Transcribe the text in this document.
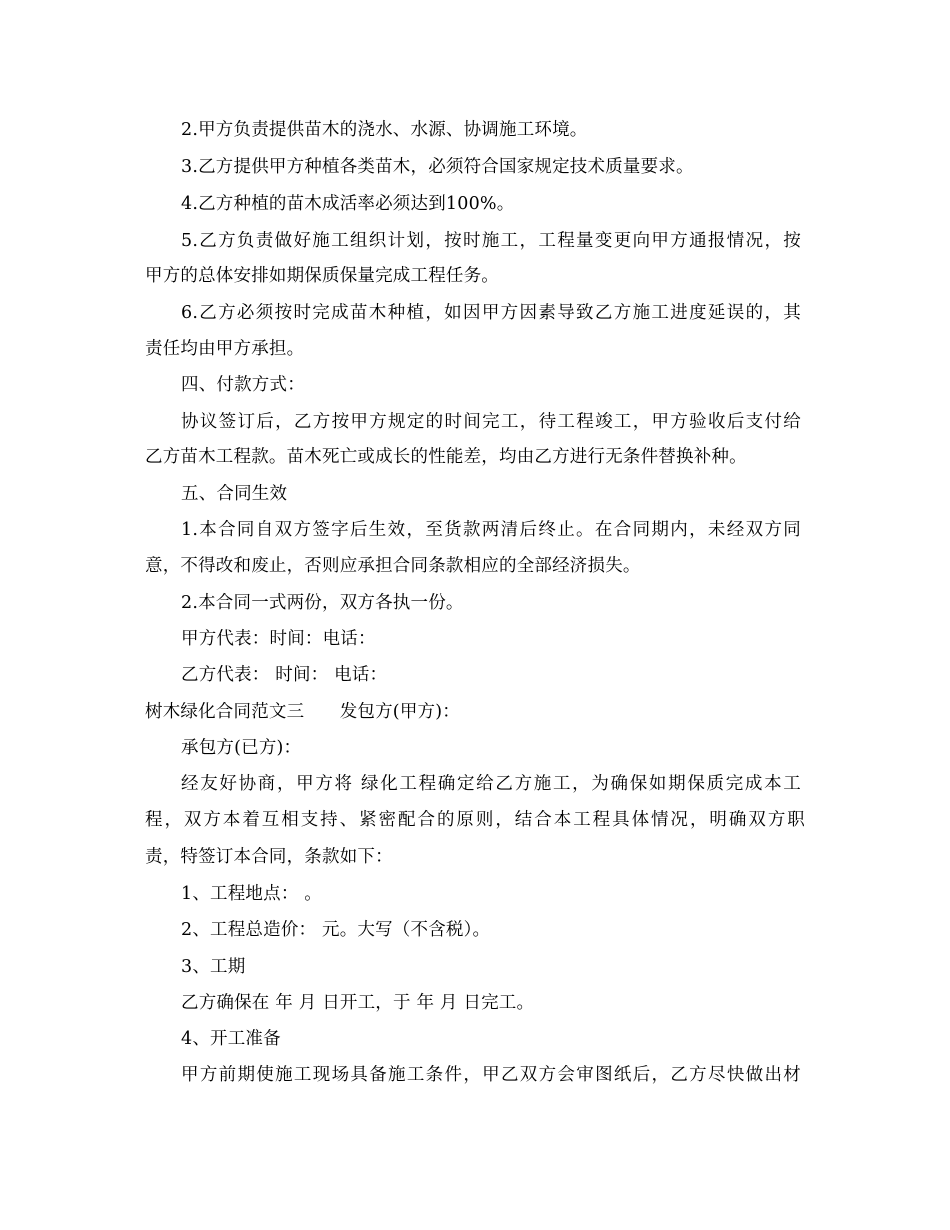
2.甲方负责提供苗木的浇水、水源、协调施工环境。
3.乙方提供甲方种植各类苗木，必须符合国家规定技术质量要求。
4.乙方种植的苗木成活率必须达到100%。
5.乙方负责做好施工组织计划，按时施工，工程量变更向甲方通报情况，按
甲方的总体安排如期保质保量完成工程任务。
6.乙方必须按时完成苗木种植，如因甲方因素导致乙方施工进度延误的，其
责任均由甲方承担。
四、付款方式：
协议签订后，乙方按甲方规定的时间完工，待工程竣工，甲方验收后支付给
乙方苗木工程款。苗木死亡或成长的性能差，均由乙方进行无条件替换补种。
五、合同生效
1.本合同自双方签字后生效，至货款两清后终止。在合同期内，未经双方同
意，不得改和废止，否则应承担合同条款相应的全部经济损失。
2.本合同一式两份，双方各执一份。
甲方代表：时间：电话：
乙方代表： 时间： 电话：
树木绿化合同范文三　　发包方(甲方)：
承包方(已方)：
经友好协商，甲方将 绿化工程确定给乙方施工，为确保如期保质完成本工
程，双方本着互相支持、紧密配合的原则，结合本工程具体情况，明确双方职
责，特签订本合同，条款如下：
1、工程地点： 。
2、工程总造价： 元。大写（不含税）。
3、工期
乙方确保在 年 月 日开工，于 年 月 日完工。
4、开工准备
甲方前期使施工现场具备施工条件，甲乙双方会审图纸后，乙方尽快做出材
